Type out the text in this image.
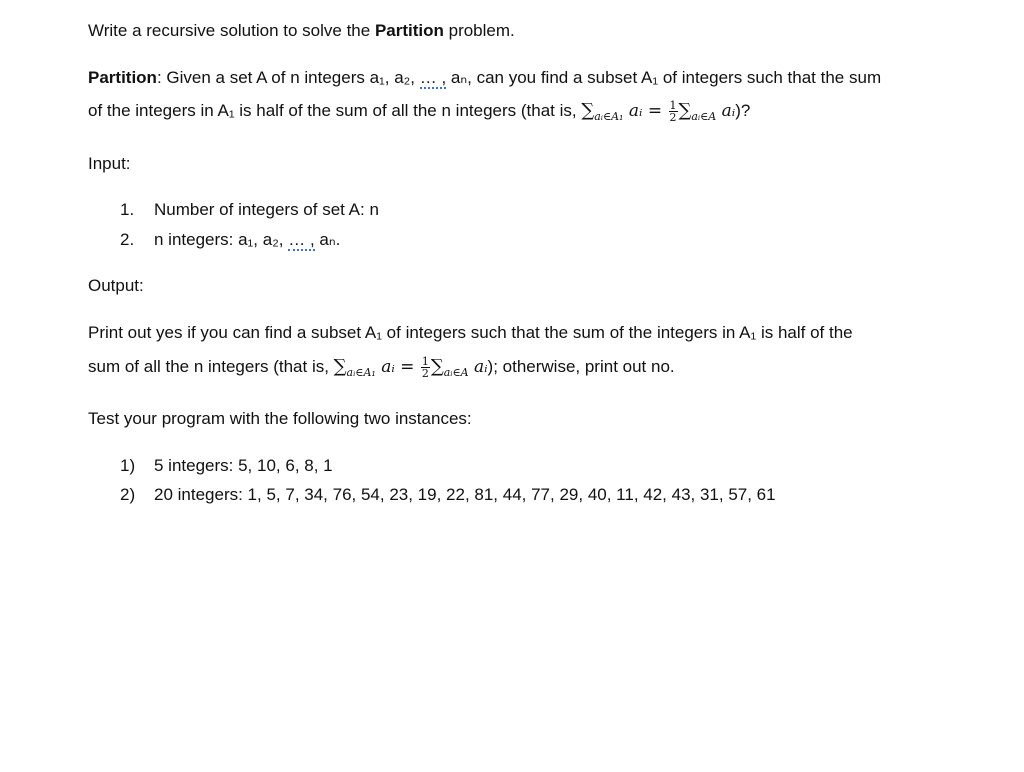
Write a recursive solution to solve the Partition problem.
Partition: Given a set A of n integers a₁, a₂, … , aₙ, can you find a subset A₁ of integers such that the sum
of the integers in A₁ is half of the sum of all the n integers (that is, $\sum_{aᵢ\in A_1}$ aᵢ = $\frac{1}{2} \sum_{aᵢ\in A}$ aᵢ)?
Input:
1. Number of integers of set A: n
2. n integers: a₁, a₂, … , aₙ.
Output:
Print out yes if you can find a subset A₁ of integers such that the sum of the integers in A₁ is half of the
sum of all the n integers (that is, $\sum_{aᵢ\in A_1}$ aᵢ = $\frac{1}{2} \sum_{aᵢ\in A}$ aᵢ); otherwise, print out no.
Test your program with the following two instances:
1) 5 integers: 5, 10, 6, 8, 1
2) 20 integers: 1, 5, 7, 34, 76, 54, 23, 19, 22, 81, 44, 77, 29, 40, 11, 42, 43, 31, 57, 61
